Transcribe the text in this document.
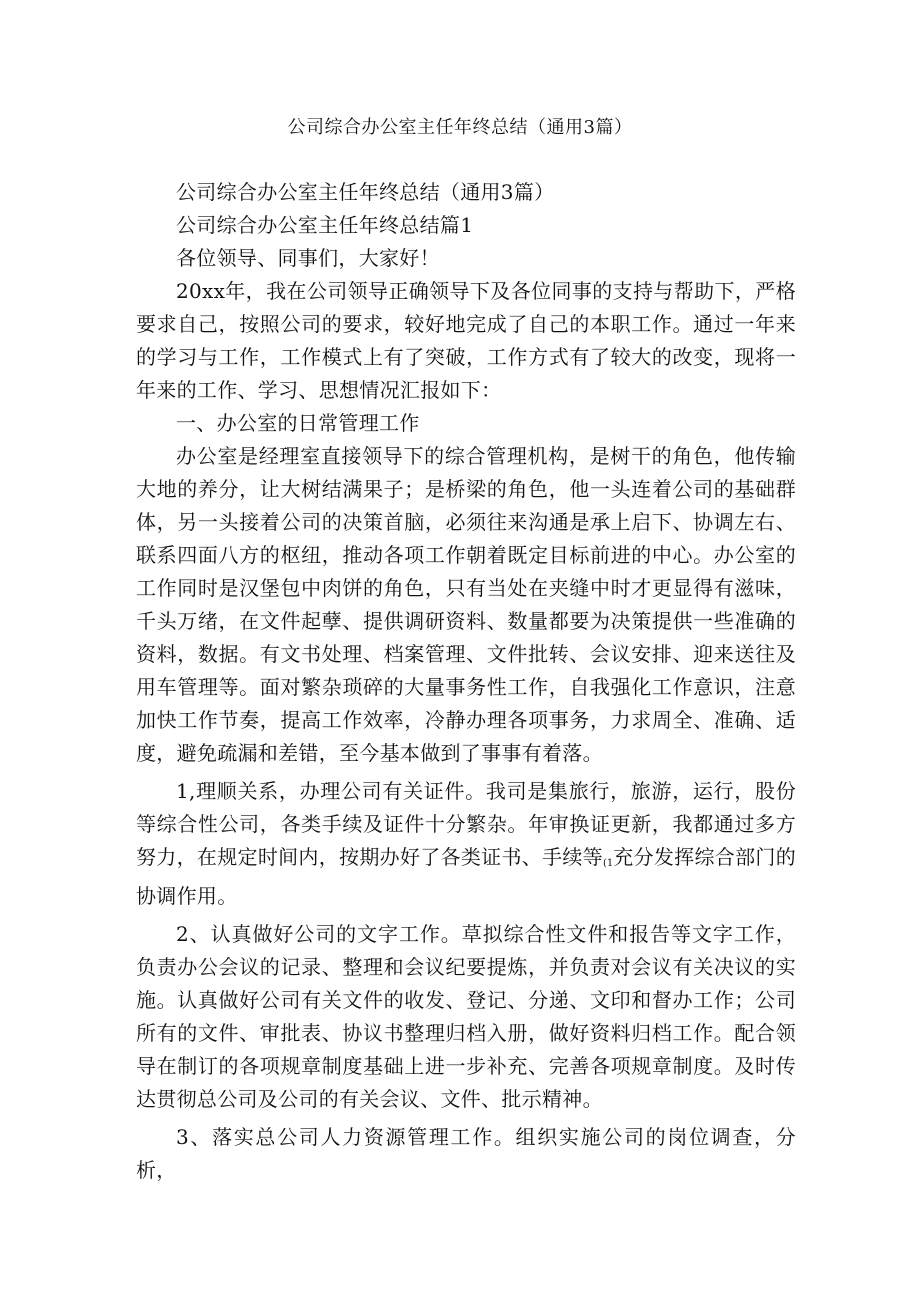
公司综合办公室主任年终总结（通用3篇）

公司综合办公室主任年终总结（通用3篇）

公司综合办公室主任年终总结篇1

各位领导、同事们，大家好！

20xx年，我在公司领导正确领导下及各位同事的支持与帮助下，严格要求自己，按照公司的要求，较好地完成了自己的本职工作。通过一年来的学习与工作，工作模式上有了突破，工作方式有了较大的改变，现将一年来的工作、学习、思想情况汇报如下：

一、办公室的日常管理工作

办公室是经理室直接领导下的综合管理机构，是树干的角色，他传输大地的养分，让大树结满果子；是桥梁的角色，他一头连着公司的基础群体，另一头接着公司的决策首脑，必须往来沟通是承上启下、协调左右、联系四面八方的枢纽，推动各项工作朝着既定目标前进的中心。办公室的工作同时是汉堡包中肉饼的角色，只有当处在夹缝中时才更显得有滋味，千头万绪，在文件起孽、提供调研资料、数量都要为决策提供一些准确的资料，数据。有文书处理、档案管理、文件批转、会议安排、迎来送往及用车管理等。面对繁杂琐碎的大量事务性工作，自我强化工作意识，注意加快工作节奏，提高工作效率，冷静办理各项事务，力求周全、准确、适度，避免疏漏和差错，至今基本做到了事事有着落。

1,理顺关系，办理公司有关证件。我司是集旅行，旅游，运行，股份等综合性公司，各类手续及证件十分繁杂。年审换证更新，我都通过多方努力，在规定时间内，按期办好了各类证书、手续等(1充分发挥综合部门的协调作用。

2、认真做好公司的文字工作。草拟综合性文件和报告等文字工作，负责办公会议的记录、整理和会议纪要提炼，并负责对会议有关决议的实施。认真做好公司有关文件的收发、登记、分递、文印和督办工作；公司所有的文件、审批表、协议书整理归档入册，做好资料归档工作。配合领导在制订的各项规章制度基础上进一步补充、完善各项规章制度。及时传达贯彻总公司及公司的有关会议、文件、批示精神。

3、落实总公司人力资源管理工作。组织实施公司的岗位调查，分析，
